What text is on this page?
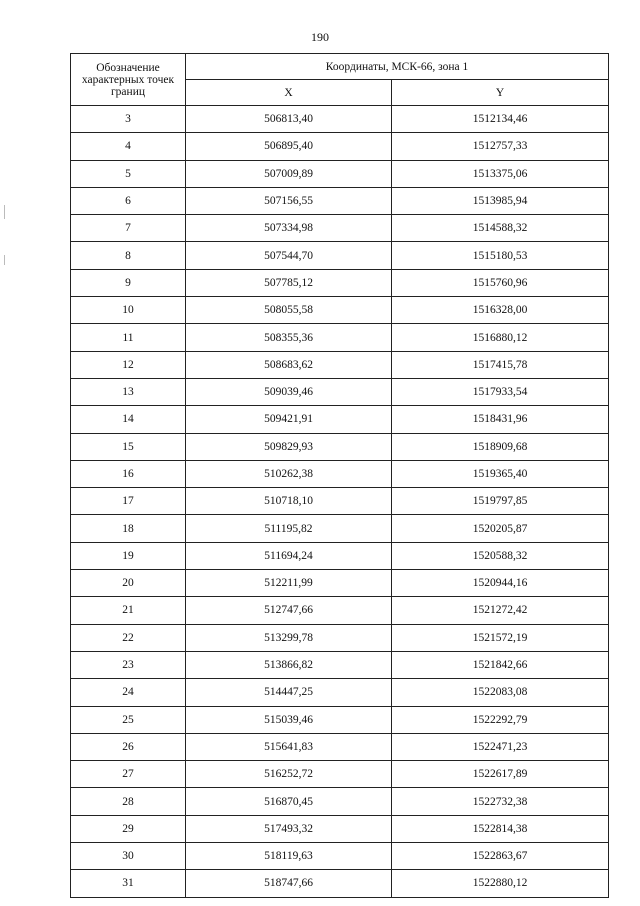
190
Обозначение характерных точек границ	Координаты, МСК-66, зона 1	
	X	Y
3	506813,40	1512134,46
4	506895,40	1512757,33
5	507009,89	1513375,06
6	507156,55	1513985,94
7	507334,98	1514588,32
8	507544,70	1515180,53
9	507785,12	1515760,96
10	508055,58	1516328,00
11	508355,36	1516880,12
12	508683,62	1517415,78
13	509039,46	1517933,54
14	509421,91	1518431,96
15	509829,93	1518909,68
16	510262,38	1519365,40
17	510718,10	1519797,85
18	511195,82	1520205,87
19	511694,24	1520588,32
20	512211,99	1520944,16
21	512747,66	1521272,42
22	513299,78	1521572,19
23	513866,82	1521842,66
24	514447,25	1522083,08
25	515039,46	1522292,79
26	515641,83	1522471,23
27	516252,72	1522617,89
28	516870,45	1522732,38
29	517493,32	1522814,38
30	518119,63	1522863,67
31	518747,66	1522880,12
